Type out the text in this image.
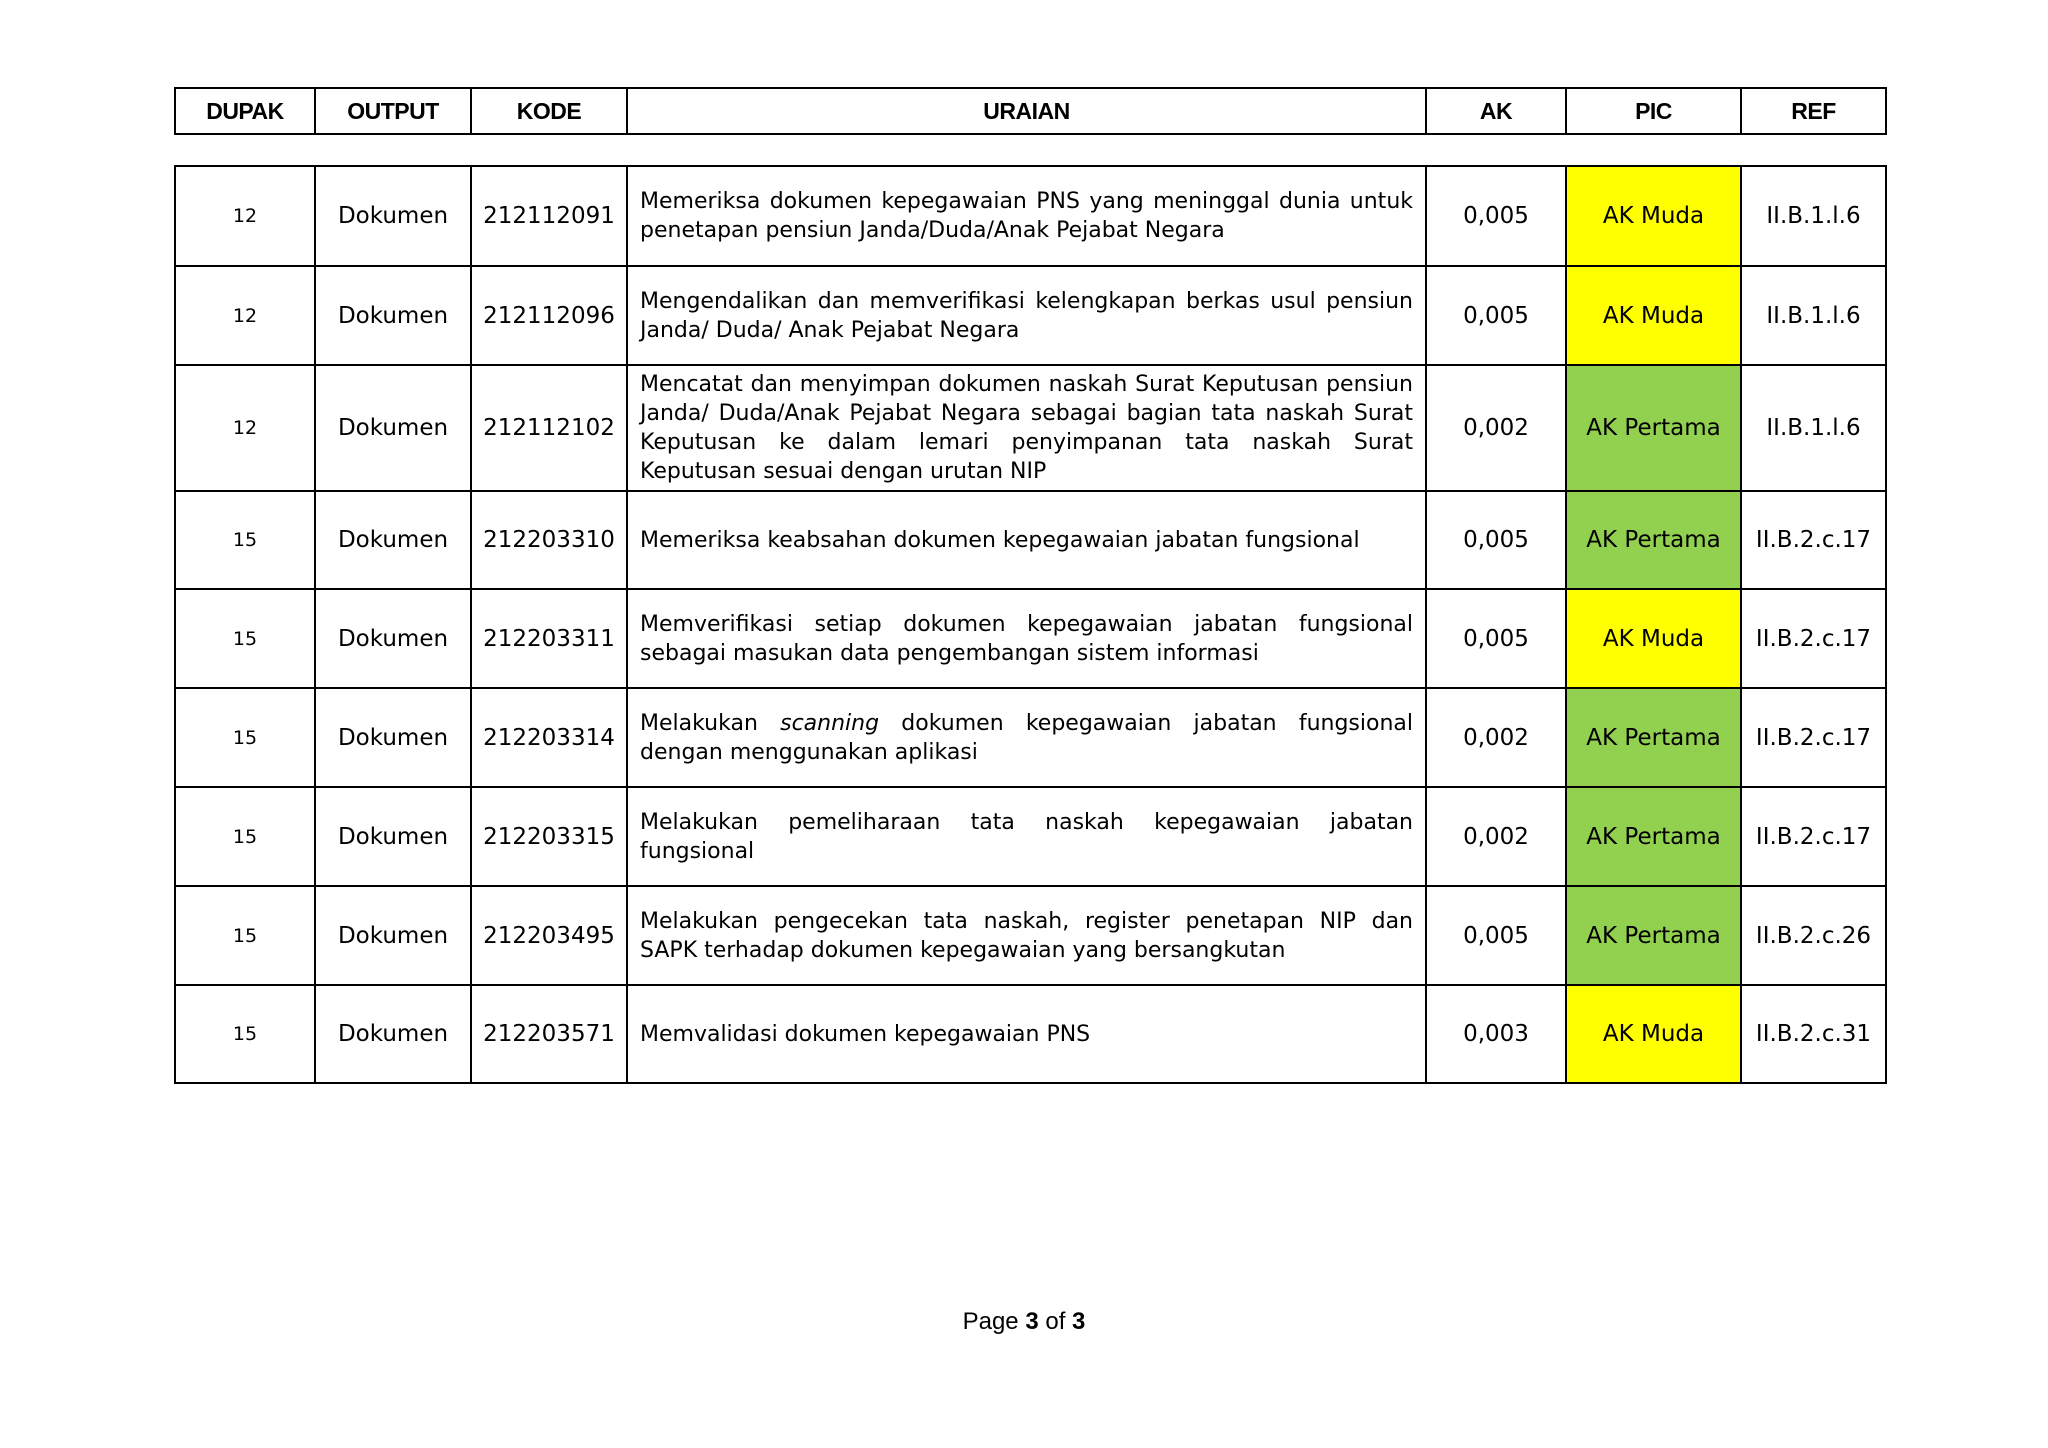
DUPAK	OUTPUT	KODE	URAIAN	AK	PIC	REF
12	Dokumen	212112091	Memeriksa dokumen kepegawaian PNS yang meninggal dunia untuk penetapan pensiun Janda/Duda/Anak Pejabat Negara	0,005	AK Muda	II.B.1.l.6
12	Dokumen	212112096	Mengendalikan dan memverifikasi kelengkapan berkas usul pensiun Janda/ Duda/ Anak Pejabat Negara	0,005	AK Muda	II.B.1.l.6
12	Dokumen	212112102	Mencatat dan menyimpan dokumen naskah Surat Keputusan pensiun Janda/ Duda/Anak Pejabat Negara sebagai bagian tata naskah Surat Keputusan ke dalam lemari penyimpanan tata naskah Surat Keputusan sesuai dengan urutan NIP	0,002	AK Pertama	II.B.1.l.6
15	Dokumen	212203310	Memeriksa keabsahan dokumen kepegawaian jabatan fungsional	0,005	AK Pertama	II.B.2.c.17
15	Dokumen	212203311	Memverifikasi setiap dokumen kepegawaian jabatan fungsional sebagai masukan data pengembangan sistem informasi	0,005	AK Muda	II.B.2.c.17
15	Dokumen	212203314	Melakukan scanning dokumen kepegawaian jabatan fungsional dengan menggunakan aplikasi	0,002	AK Pertama	II.B.2.c.17
15	Dokumen	212203315	Melakukan pemeliharaan tata naskah kepegawaian jabatan fungsional	0,002	AK Pertama	II.B.2.c.17
15	Dokumen	212203495	Melakukan pengecekan tata naskah, register penetapan NIP dan SAPK terhadap dokumen kepegawaian yang bersangkutan	0,005	AK Pertama	II.B.2.c.26
15	Dokumen	212203571	Memvalidasi dokumen kepegawaian PNS	0,003	AK Muda	II.B.2.c.31
Page 3 of 3
